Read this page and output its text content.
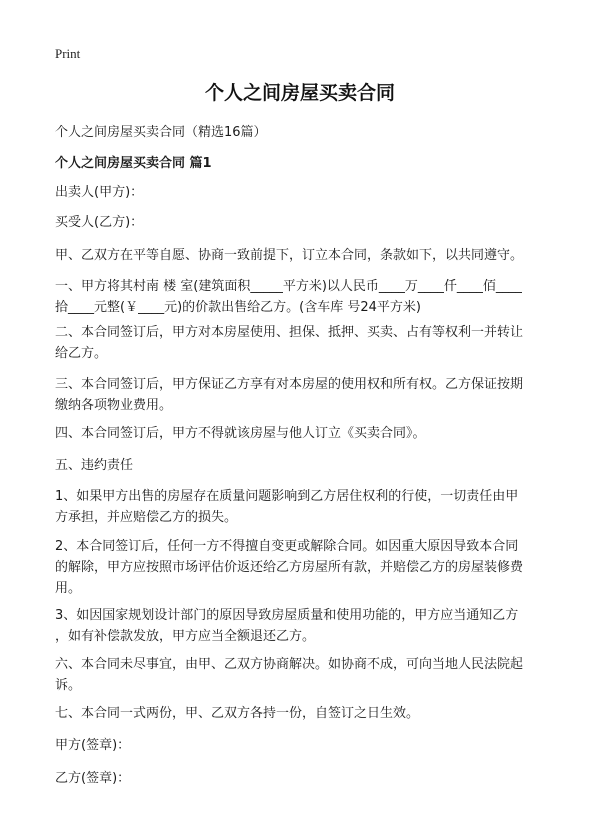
Print
个人之间房屋买卖合同
个人之间房屋买卖合同（精选16篇）
个人之间房屋买卖合同 篇1
出卖人(甲方)：
买受人(乙方)：
甲、乙双方在平等自愿、协商一致前提下，订立本合同，条款如下，以共同遵守。
一、甲方将其村南 楼 室(建筑面积_____平方米)以人民币____万____仟____佰____
拾____元整(￥____元)的价款出售给乙方。(含车库 号24平方米)
二、本合同签订后，甲方对本房屋使用、担保、抵押、买卖、占有等权利一并转让
给乙方。
三、本合同签订后，甲方保证乙方享有对本房屋的使用权和所有权。乙方保证按期
缴纳各项物业费用。
四、本合同签订后，甲方不得就该房屋与他人订立《买卖合同》。
五、违约责任
1、如果甲方出售的房屋存在质量问题影响到乙方居住权利的行使，一切责任由甲
方承担，并应赔偿乙方的损失。
2、本合同签订后，任何一方不得擅自变更或解除合同。如因重大原因导致本合同
的解除，甲方应按照市场评估价返还给乙方房屋所有款，并赔偿乙方的房屋装修费
用。
3、如因国家规划设计部门的原因导致房屋质量和使用功能的，甲方应当通知乙方
，如有补偿款发放，甲方应当全额退还乙方。
六、本合同未尽事宜，由甲、乙双方协商解决。如协商不成，可向当地人民法院起
诉。
七、本合同一式两份，甲、乙双方各持一份，自签订之日生效。
甲方(签章)：
乙方(签章)：
